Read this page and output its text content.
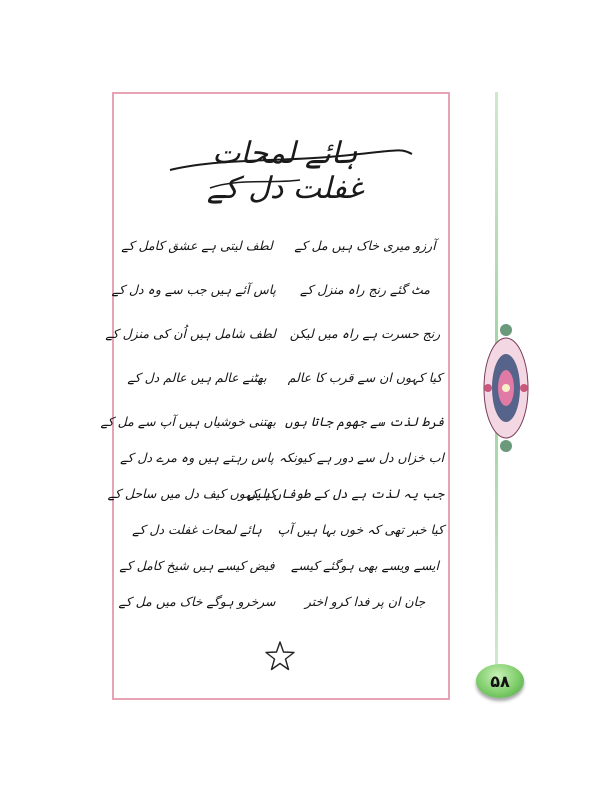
ہائے لمحات غفلت دل کے
آرزو میری خاک ہیں مل کے
لطف لیتی ہے عشق کامل کے
مٹ گئے رنج راہ منزل کے
پاس آئے ہیں جب سے وہ دل کے
رنج حسرت ہے راہ میں لیکن
لطف شامل ہیں اُن کی منزل کے
کیا کہوں ان سے قرب کا عالم
بھٹنے عالم ہیں عالم دل کے
فرط لذت سے جھوم جاتا ہوں
بھتنی خوشیاں ہیں آپ سے مل کے
اب خزاں دل سے دور ہے کیونکہ
پاس رہتے ہیں وہ مرے دل کے
جب یہ لذت ہے دل کے طوفاں ہیں
کیا کہوں کیف دل میں ساحل کے
کیا خبر تھی کہ خوں بہا ہیں آپ
ہائے لمحات غفلت دل کے
ایسے ویسے بھی ہوگئے کیسے
فیض کیسے ہیں شیخ کامل کے
جان ان پر فدا کرو اختر
سرخرو ہوگے خاک میں مل کے
۵۸
